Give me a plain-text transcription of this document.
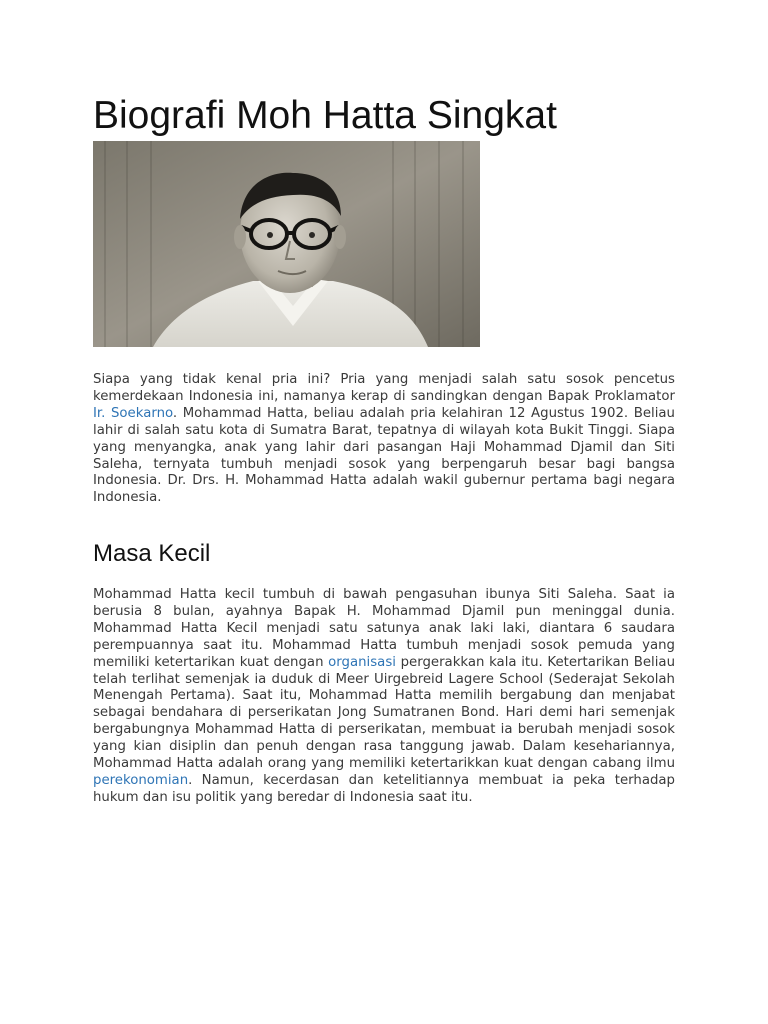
Biografi Moh Hatta Singkat

Siapa yang tidak kenal pria ini? Pria yang menjadi salah satu sosok pencetus kemerdekaan Indonesia ini, namanya kerap di sandingkan dengan Bapak Proklamator Ir. Soekarno. Mohammad Hatta, beliau adalah pria kelahiran 12 Agustus 1902. Beliau lahir di salah satu kota di Sumatra Barat, tepatnya di wilayah kota Bukit Tinggi. Siapa yang menyangka, anak yang lahir dari pasangan Haji Mohammad Djamil dan Siti Saleha, ternyata tumbuh menjadi sosok yang berpengaruh besar bagi bangsa Indonesia. Dr. Drs. H. Mohammad Hatta adalah wakil gubernur pertama bagi negara Indonesia.

Masa Kecil

Mohammad Hatta kecil tumbuh di bawah pengasuhan ibunya Siti Saleha. Saat ia berusia 8 bulan, ayahnya Bapak H. Mohammad Djamil pun meninggal dunia. Mohammad Hatta Kecil menjadi satu satunya anak laki laki, diantara 6 saudara perempuannya saat itu. Mohammad Hatta tumbuh menjadi sosok pemuda yang memiliki ketertarikan kuat dengan organisasi pergerakkan kala itu. Ketertarikan Beliau telah terlihat semenjak ia duduk di Meer Uirgebreid Lagere School (Sederajat Sekolah Menengah Pertama). Saat itu, Mohammad Hatta memilih bergabung dan menjabat sebagai bendahara di perserikatan Jong Sumatranen Bond. Hari demi hari semenjak bergabungnya Mohammad Hatta di perserikatan, membuat ia berubah menjadi sosok yang kian disiplin dan penuh dengan rasa tanggung jawab. Dalam kesehariannya, Mohammad Hatta adalah orang yang memiliki ketertarikkan kuat dengan cabang ilmu perekonomian. Namun, kecerdasan dan ketelitiannya membuat ia peka terhadap hukum dan isu politik yang beredar di Indonesia saat itu.
